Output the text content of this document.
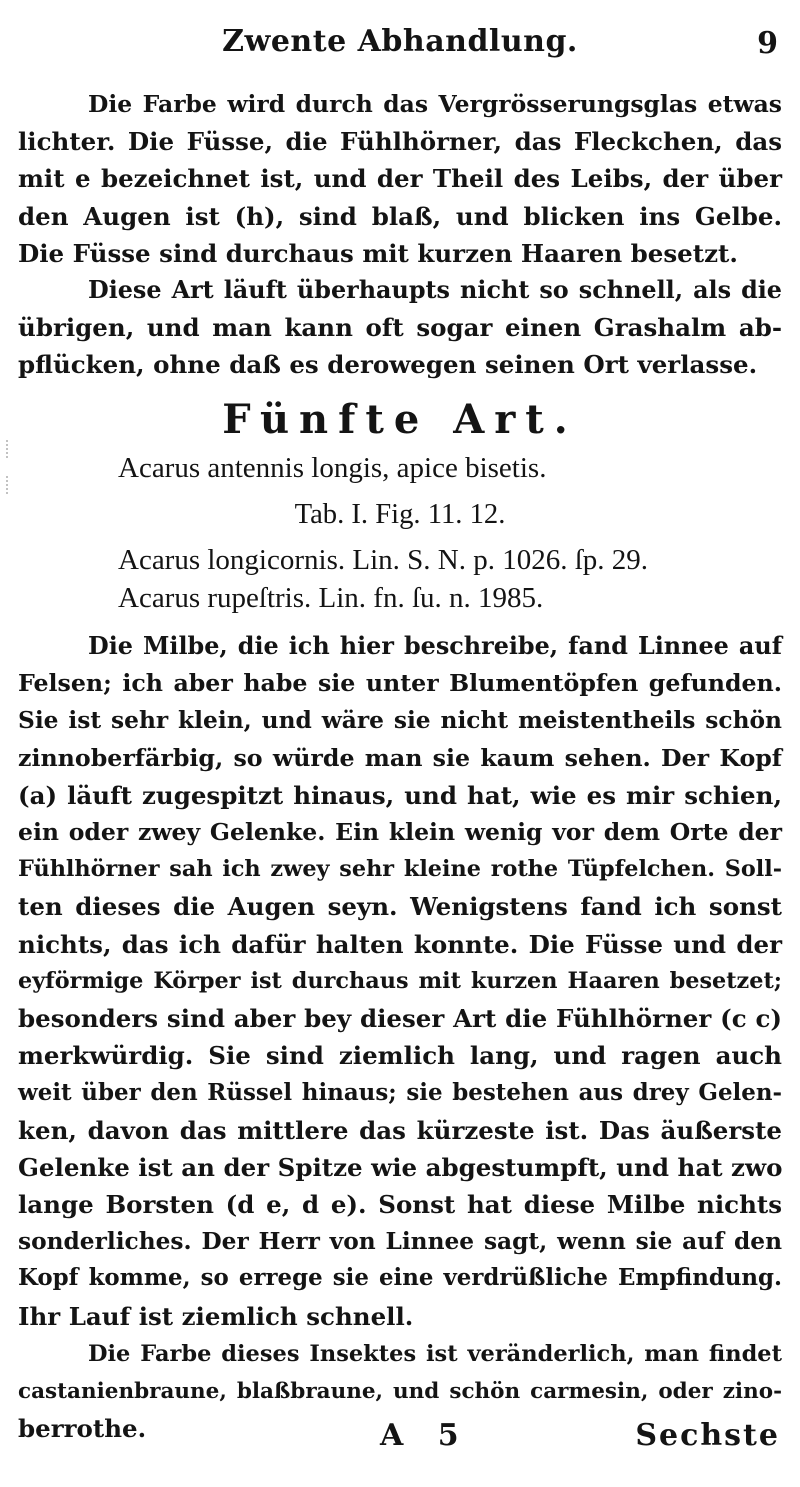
Zwente Abhandlung.	9
Die Farbe wird durch das Vergrösserungsglas etwas
lichter. Die Füsse, die Fühlhörner, das Fleckchen, das
mit e bezeichnet ist, und der Theil des Leibs, der über
den Augen ist (h), sind blaß, und blicken ins Gelbe.
Die Füsse sind durchaus mit kurzen Haaren besetzt.
Diese Art läuft überhaupts nicht so schnell, als die
übrigen, und man kann oft sogar einen Grashalm ab-
pflücken, ohne daß es derowegen seinen Ort verlasse.
Fünfte Art.
Acarus antennis longis, apice bisetis.
Tab. I. Fig. 11. 12.
Acarus longicornis. Lin. S. N. p. 1026. ſp. 29.
Acarus rupeſtris. Lin. fn. ſu. n. 1985.
Die Milbe, die ich hier beschreibe, fand Linnee auf
Felsen; ich aber habe sie unter Blumentöpfen gefunden.
Sie ist sehr klein, und wäre sie nicht meistentheils schön
zinnoberfärbig, so würde man sie kaum sehen. Der Kopf
(a) läuft zugespitzt hinaus, und hat, wie es mir schien,
ein oder zwey Gelenke. Ein klein wenig vor dem Orte der
Fühlhörner sah ich zwey sehr kleine rothe Tüpfelchen. Soll-
ten dieses die Augen seyn. Wenigstens fand ich sonst
nichts, das ich dafür halten konnte. Die Füsse und der
eyförmige Körper ist durchaus mit kurzen Haaren besetzet;
besonders sind aber bey dieser Art die Fühlhörner (c c)
merkwürdig. Sie sind ziemlich lang, und ragen auch
weit über den Rüssel hinaus; sie bestehen aus drey Gelen-
ken, davon das mittlere das kürzeste ist. Das äußerste
Gelenke ist an der Spitze wie abgestumpft, und hat zwo
lange Borsten (d e, d e). Sonst hat diese Milbe nichts
sonderliches. Der Herr von Linnee sagt, wenn sie auf den
Kopf komme, so errege sie eine verdrüßliche Empfindung.
Ihr Lauf ist ziemlich schnell.
Die Farbe dieses Insektes ist veränderlich, man findet
castanienbraune, blaßbraune, und schön carmesin, oder zino-
berrothe.	A 5	Sechste
